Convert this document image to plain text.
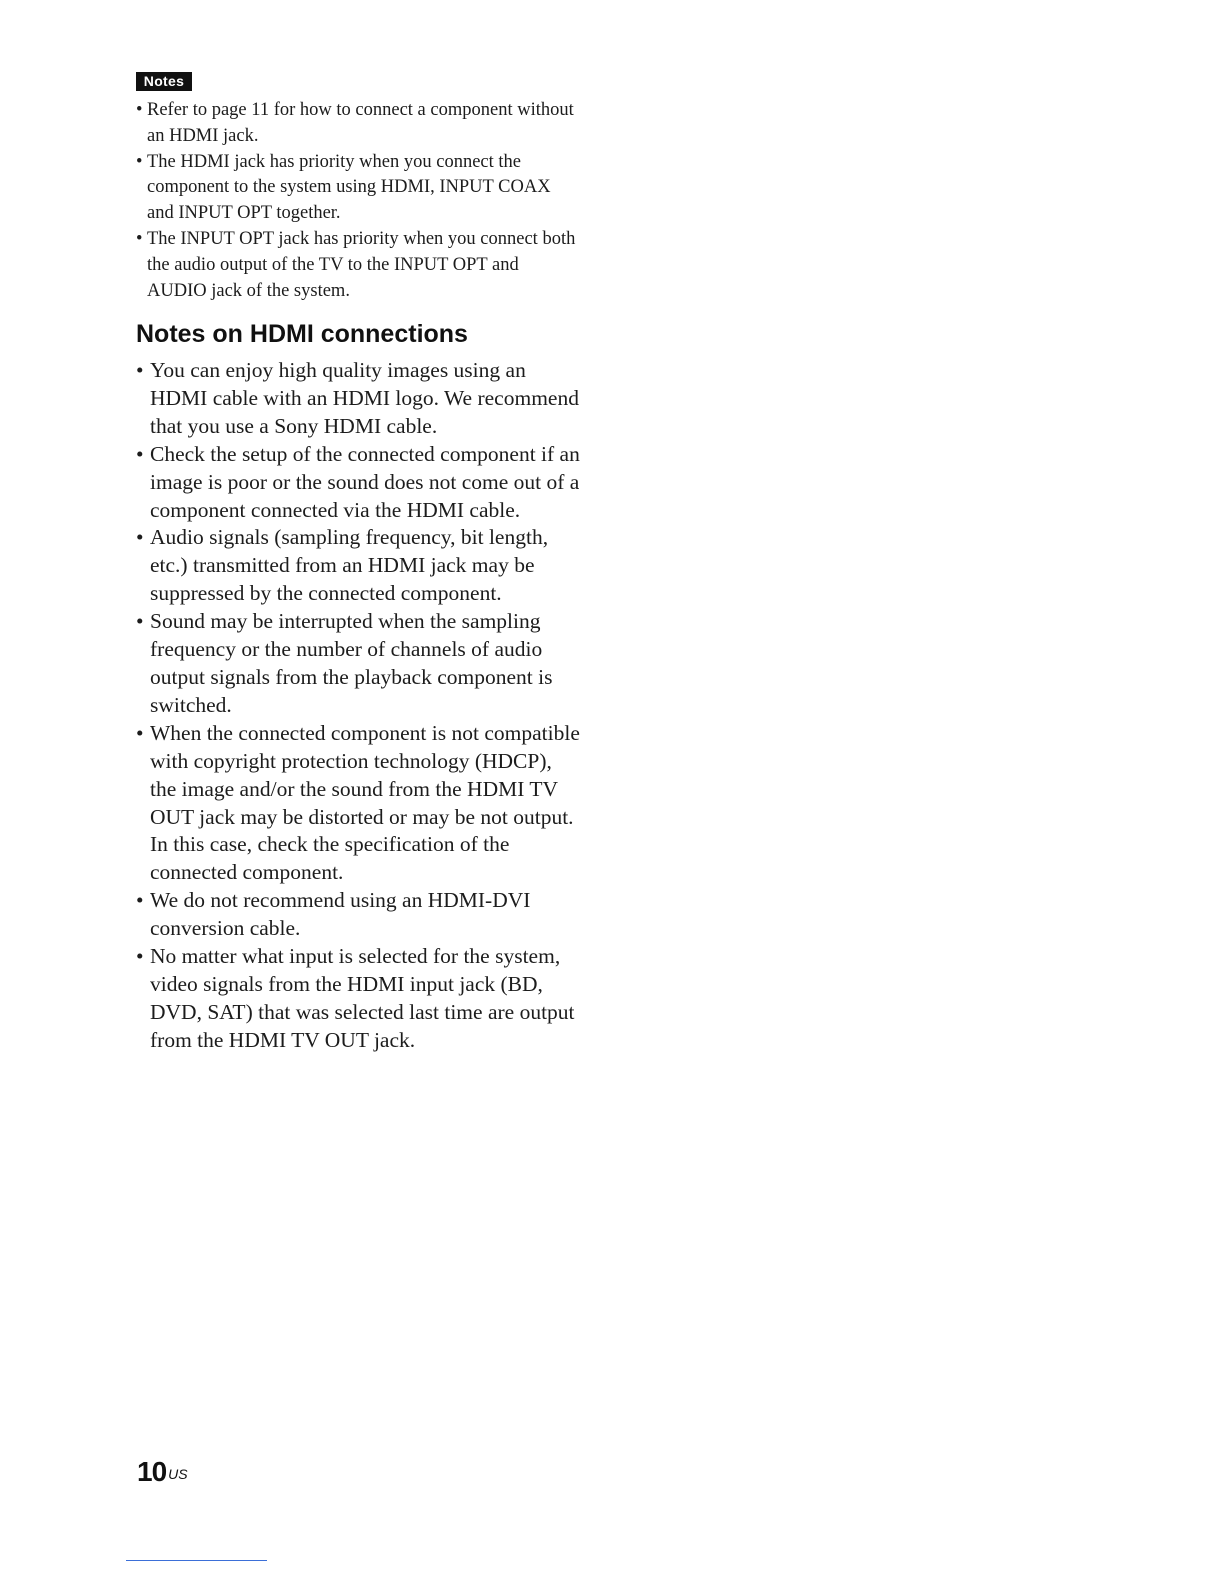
Notes
• Refer to page 11 for how to connect a component without an HDMI jack.
• The HDMI jack has priority when you connect the component to the system using HDMI, INPUT COAX and INPUT OPT together.
• The INPUT OPT jack has priority when you connect both the audio output of the TV to the INPUT OPT and AUDIO jack of the system.
Notes on HDMI connections
• You can enjoy high quality images using an HDMI cable with an HDMI logo. We recommend that you use a Sony HDMI cable.
• Check the setup of the connected component if an image is poor or the sound does not come out of a component connected via the HDMI cable.
• Audio signals (sampling frequency, bit length, etc.) transmitted from an HDMI jack may be suppressed by the connected component.
• Sound may be interrupted when the sampling frequency or the number of channels of audio output signals from the playback component is switched.
• When the connected component is not compatible with copyright protection technology (HDCP), the image and/or the sound from the HDMI TV OUT jack may be distorted or may be not output.
In this case, check the specification of the connected component.
• We do not recommend using an HDMI-DVI conversion cable.
• No matter what input is selected for the system, video signals from the HDMI input jack (BD, DVD, SAT) that was selected last time are output from the HDMI TV OUT jack.
10 $^{US}$
